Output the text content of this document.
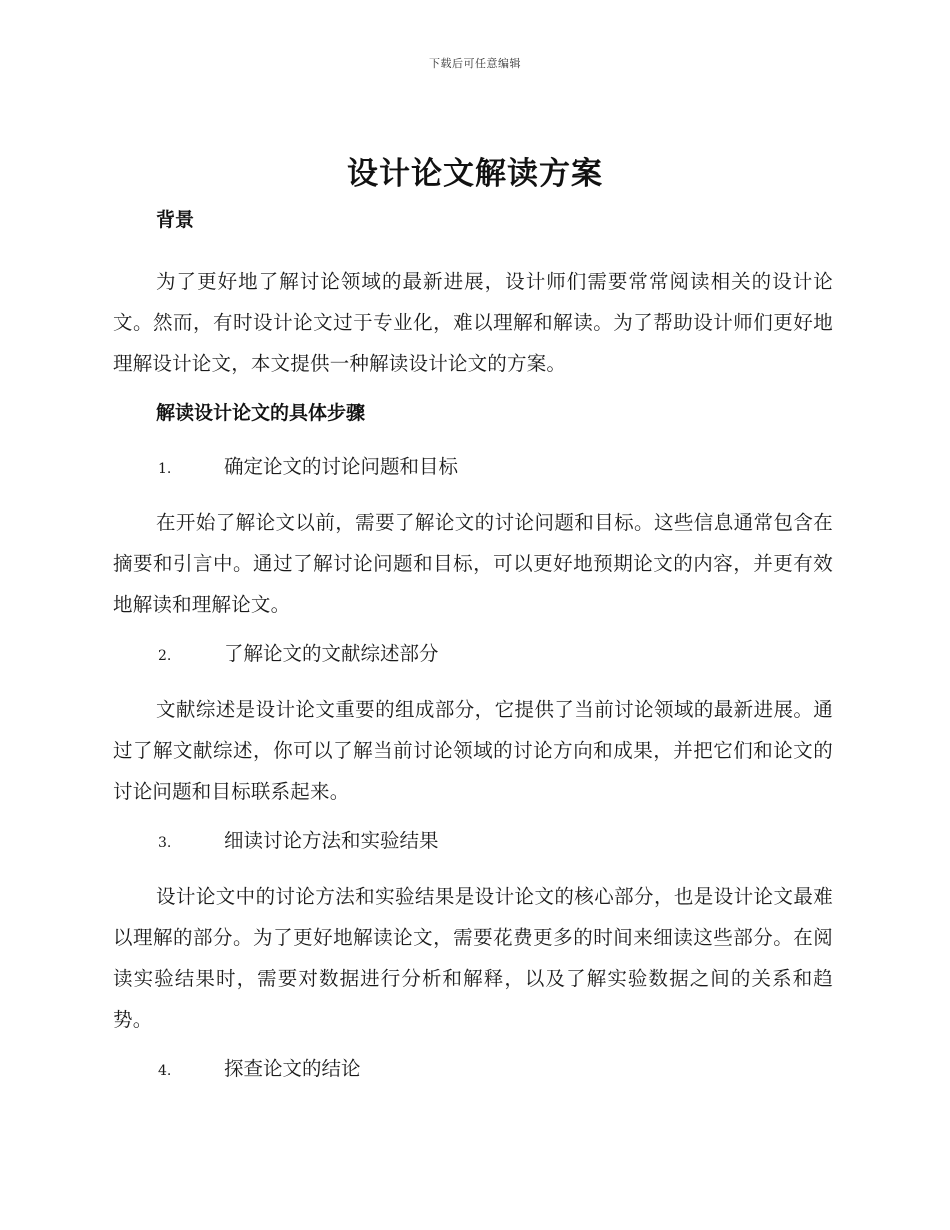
下载后可任意编辑
设计论文解读方案
背景
为了更好地了解讨论领域的最新进展，设计师们需要常常阅读相关的设计论文。然而，有时设计论文过于专业化，难以理解和解读。为了帮助设计师们更好地理解设计论文，本文提供一种解读设计论文的方案。
解读设计论文的具体步骤
1.	确定论文的讨论问题和目标
在开始了解论文以前，需要了解论文的讨论问题和目标。这些信息通常包含在摘要和引言中。通过了解讨论问题和目标，可以更好地预期论文的内容，并更有效地解读和理解论文。
2.	了解论文的文献综述部分
文献综述是设计论文重要的组成部分，它提供了当前讨论领域的最新进展。通过了解文献综述，你可以了解当前讨论领域的讨论方向和成果，并把它们和论文的讨论问题和目标联系起来。
3.	细读讨论方法和实验结果
设计论文中的讨论方法和实验结果是设计论文的核心部分，也是设计论文最难以理解的部分。为了更好地解读论文，需要花费更多的时间来细读这些部分。在阅读实验结果时，需要对数据进行分析和解释，以及了解实验数据之间的关系和趋势。
4.	探查论文的结论
